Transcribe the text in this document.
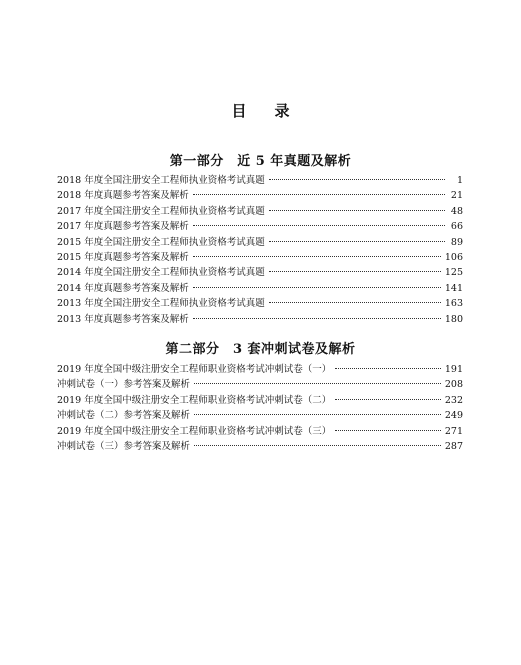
目 录
第一部分　近 5 年真题及解析
2018 年度全国注册安全工程师执业资格考试真题	1
2018 年度真题参考答案及解析	21
2017 年度全国注册安全工程师执业资格考试真题	48
2017 年度真题参考答案及解析	66
2015 年度全国注册安全工程师执业资格考试真题	89
2015 年度真题参考答案及解析	106
2014 年度全国注册安全工程师执业资格考试真题	125
2014 年度真题参考答案及解析	141
2013 年度全国注册安全工程师执业资格考试真题	163
2013 年度真题参考答案及解析	180
第二部分　3 套冲刺试卷及解析
2019 年度全国中级注册安全工程师职业资格考试冲刺试卷（一）	191
冲刺试卷（一）参考答案及解析	208
2019 年度全国中级注册安全工程师职业资格考试冲刺试卷（二）	232
冲刺试卷（二）参考答案及解析	249
2019 年度全国中级注册安全工程师职业资格考试冲刺试卷（三）	271
冲刺试卷（三）参考答案及解析	287
